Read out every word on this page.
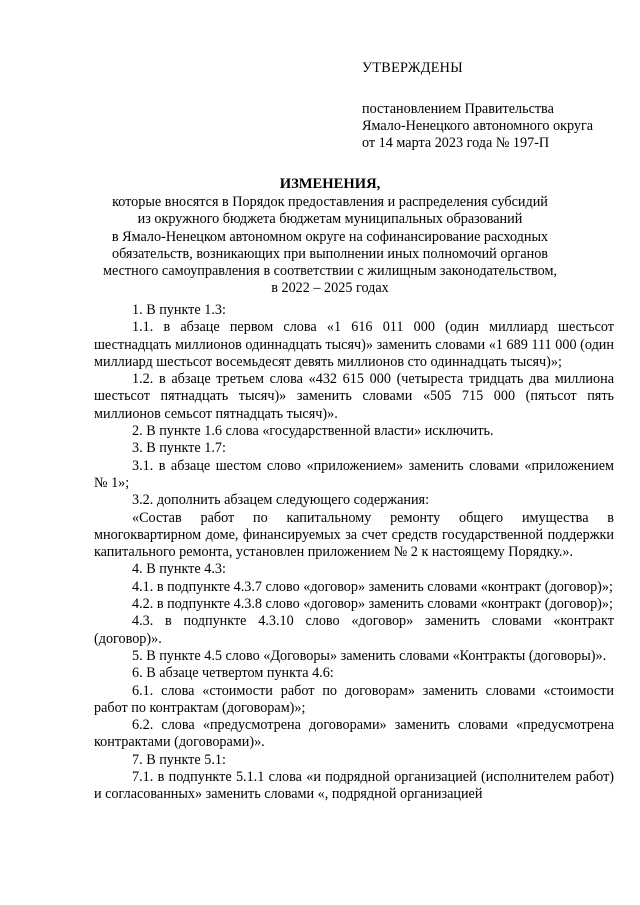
УТВЕРЖДЕНЫ
постановлением Правительства
Ямало-Ненецкого автономного округа
от 14 марта 2023 года № 197-П
ИЗМЕНЕНИЯ,
которые вносятся в Порядок предоставления и распределения субсидий
из окружного бюджета бюджетам муниципальных образований
в Ямало-Ненецком автономном округе на софинансирование расходных
обязательств, возникающих при выполнении иных полномочий органов
местного самоуправления в соответствии с жилищным законодательством,
в 2022 – 2025 годах

1. В пункте 1.3:

1.1. в абзаце первом слова «1 616 011 000 (один миллиард шестьсот шестнадцать миллионов одиннадцать тысяч)» заменить словами «1 689 111 000 (один миллиард шестьсот восемьдесят девять миллионов сто одиннадцать тысяч)»;

1.2. в абзаце третьем слова «432 615 000 (четыреста тридцать два миллиона шестьсот пятнадцать тысяч)» заменить словами «505 715 000 (пятьсот пять миллионов семьсот пятнадцать тысяч)».

2. В пункте 1.6 слова «государственной власти» исключить.

3. В пункте 1.7:

3.1. в абзаце шестом слово «приложением» заменить словами «приложением № 1»;

3.2. дополнить абзацем следующего содержания:

«Состав работ по капитальному ремонту общего имущества в многоквартирном доме, финансируемых за счет средств государственной поддержки капитального ремонта, установлен приложением № 2 к настоящему Порядку.».

4. В пункте 4.3:

4.1. в подпункте 4.3.7 слово «договор» заменить словами «контракт (договор)»;

4.2. в подпункте 4.3.8 слово «договор» заменить словами «контракт (договор)»;

4.3. в подпункте 4.3.10 слово «договор» заменить словами «контракт (договор)».

5. В пункте 4.5 слово «Договоры» заменить словами «Контракты (договоры)».

6. В абзаце четвертом пункта 4.6:

6.1. слова «стоимости работ по договорам» заменить словами «стоимости работ по контрактам (договорам)»;

6.2. слова «предусмотрена договорами» заменить словами «предусмотрена контрактами (договорами)».

7. В пункте 5.1:

7.1. в подпункте 5.1.1 слова «и подрядной организацией (исполнителем работ) и согласованных» заменить словами «, подрядной организацией
